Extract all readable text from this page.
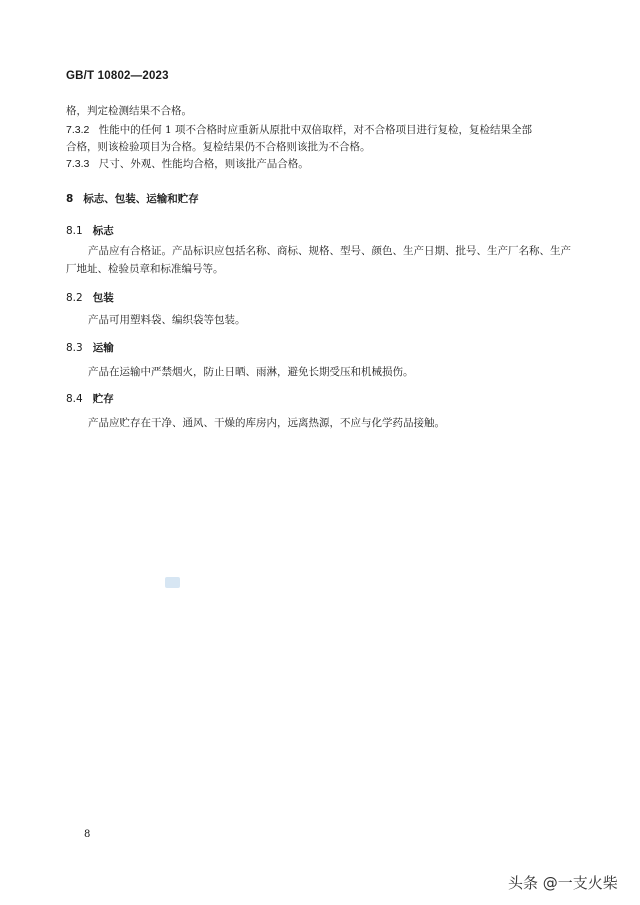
GB/T 10802—2023
格，判定检测结果不合格。
7.3.2 性能中的任何 1 项不合格时应重新从原批中双倍取样，对不合格项目进行复检，复检结果全部
合格，则该检验项目为合格。复检结果仍不合格则该批为不合格。
7.3.3 尺寸、外观、性能均合格，则该批产品合格。
8 标志、包装、运输和贮存
8.1 标志
产品应有合格证。产品标识应包括名称、商标、规格、型号、颜色、生产日期、批号、生产厂名称、生产
厂地址、检验员章和标准编号等。
8.2 包装
产品可用塑料袋、编织袋等包装。
8.3 运输
产品在运输中严禁烟火，防止日晒、雨淋，避免长期受压和机械损伤。
8.4 贮存
产品应贮存在干净、通风、干燥的库房内，远离热源，不应与化学药品接触。
8
头条 @一支火柴
